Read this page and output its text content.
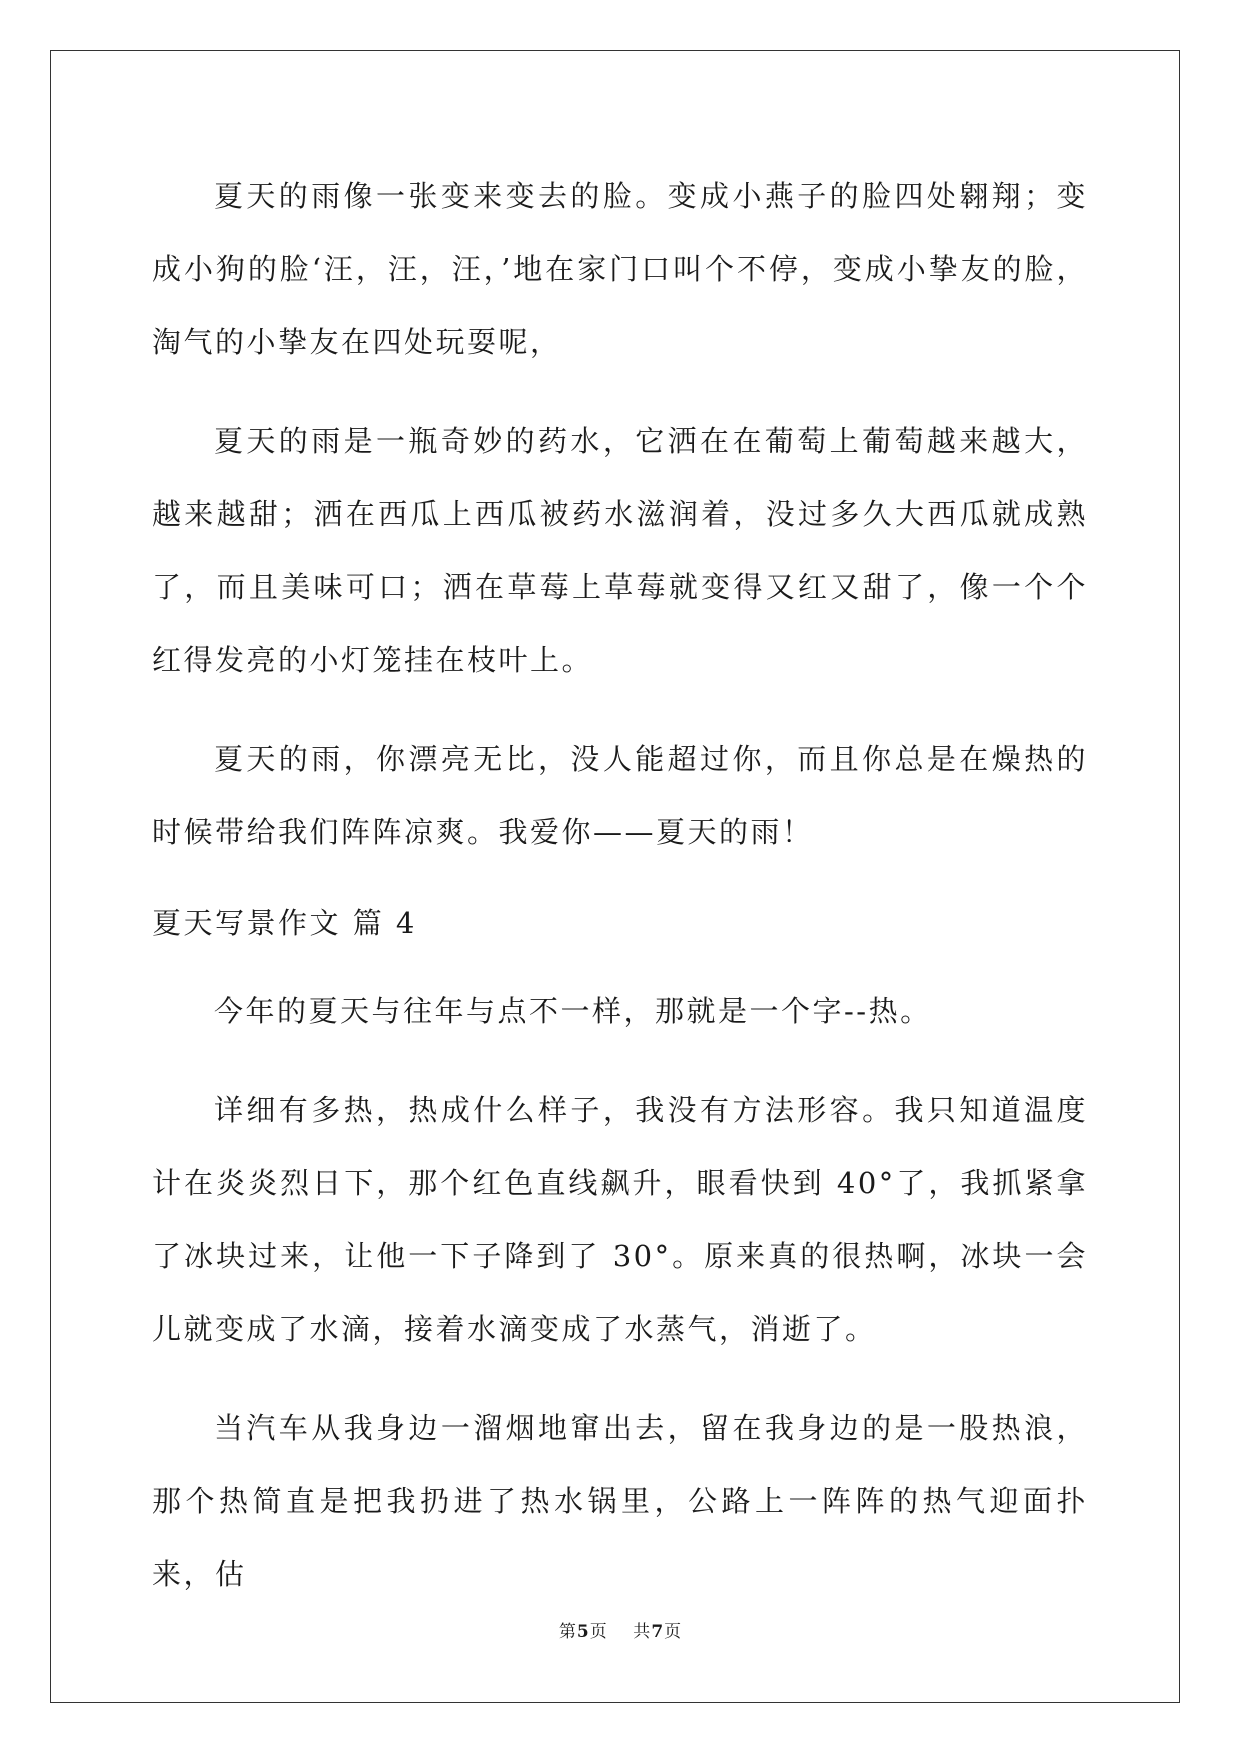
夏天的雨像一张变来变去的脸。变成小燕子的脸四处翱翔；变成小狗的脸‘汪，汪，汪，’地在家门口叫个不停，变成小挚友的脸，淘气的小挚友在四处玩耍呢，

夏天的雨是一瓶奇妙的药水，它洒在在葡萄上葡萄越来越大，越来越甜；洒在西瓜上西瓜被药水滋润着，没过多久大西瓜就成熟了，而且美味可口；洒在草莓上草莓就变得又红又甜了，像一个个红得发亮的小灯笼挂在枝叶上。

夏天的雨，你漂亮无比，没人能超过你，而且你总是在燥热的时候带给我们阵阵凉爽。我爱你——夏天的雨！

夏天写景作文 篇 4

今年的夏天与往年与点不一样，那就是一个字--热。

详细有多热，热成什么样子，我没有方法形容。我只知道温度计在炎炎烈日下，那个红色直线飙升，眼看快到 40°了，我抓紧拿了冰块过来，让他一下子降到了 30°。原来真的很热啊，冰块一会儿就变成了水滴，接着水滴变成了水蒸气，消逝了。

当汽车从我身边一溜烟地窜出去，留在我身边的是一股热浪，那个热简直是把我扔进了热水锅里，公路上一阵阵的热气迎面扑来，估

第5页    共7页
